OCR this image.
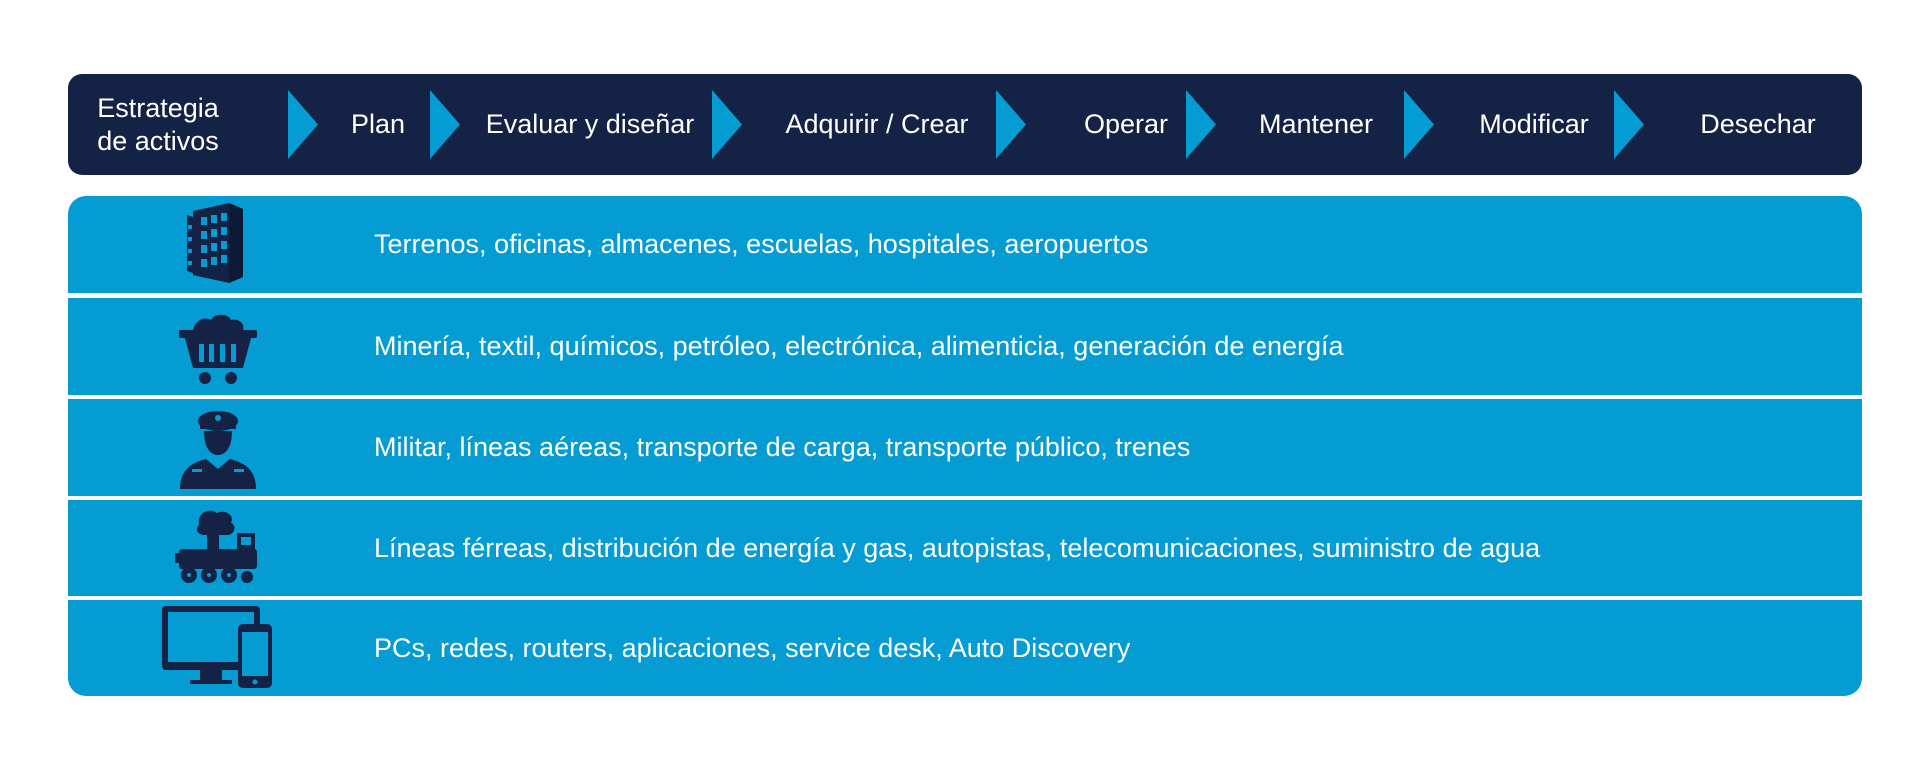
Estrategia
de activos
Plan	Evaluar y diseñar	Adquirir / Crear	Operar	Mantener	Modificar	Desechar
Terrenos, oficinas, almacenes, escuelas, hospitales, aeropuertos
Minería, textil, químicos, petróleo, electrónica, alimenticia, generación de energía
Militar, líneas aéreas, transporte de carga, transporte público, trenes
Líneas férreas, distribución de energía y gas, autopistas, telecomunicaciones, suministro de agua
PCs, redes, routers, aplicaciones, service desk, Auto Discovery
